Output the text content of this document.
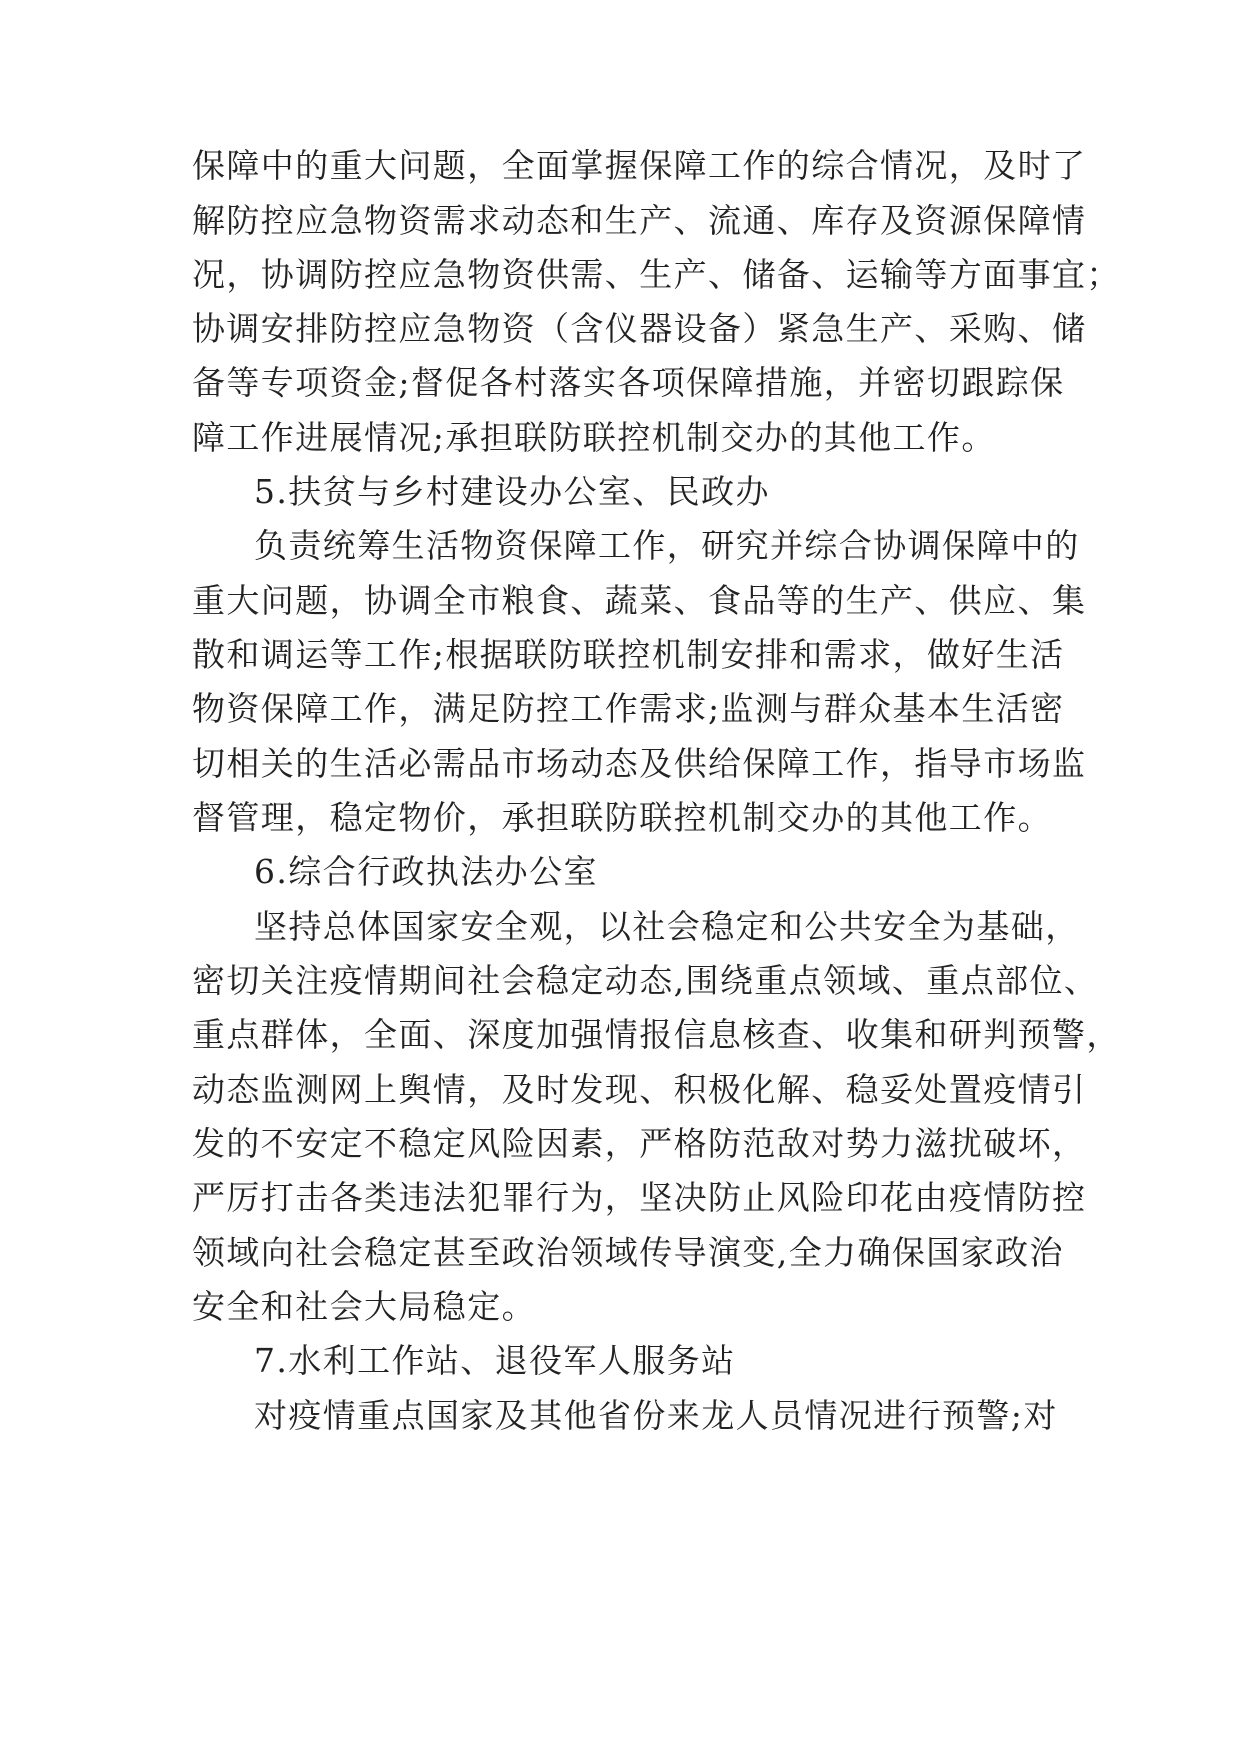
保障中的重大问题，全面掌握保障工作的综合情况，及时了
解防控应急物资需求动态和生产、流通、库存及资源保障情
况，协调防控应急物资供需、生产、储备、运输等方面事宜；
协调安排防控应急物资（含仪器设备）紧急生产、采购、储
备等专项资金;督促各村落实各项保障措施，并密切跟踪保
障工作进展情况;承担联防联控机制交办的其他工作。
5.扶贫与乡村建设办公室、民政办
负责统筹生活物资保障工作，研究并综合协调保障中的
重大问题，协调全市粮食、蔬菜、食品等的生产、供应、集
散和调运等工作;根据联防联控机制安排和需求，做好生活
物资保障工作，满足防控工作需求;监测与群众基本生活密
切相关的生活必需品市场动态及供给保障工作，指导市场监
督管理，稳定物价，承担联防联控机制交办的其他工作。
6.综合行政执法办公室
坚持总体国家安全观，以社会稳定和公共安全为基础，
密切关注疫情期间社会稳定动态,围绕重点领域、重点部位、
重点群体，全面、深度加强情报信息核查、收集和研判预警，
动态监测网上舆情，及时发现、积极化解、稳妥处置疫情引
发的不安定不稳定风险因素，严格防范敌对势力滋扰破坏，
严厉打击各类违法犯罪行为，坚决防止风险印花由疫情防控
领域向社会稳定甚至政治领域传导演变,全力确保国家政治
安全和社会大局稳定。
7.水利工作站、退役军人服务站
对疫情重点国家及其他省份来龙人员情况进行预警;对
